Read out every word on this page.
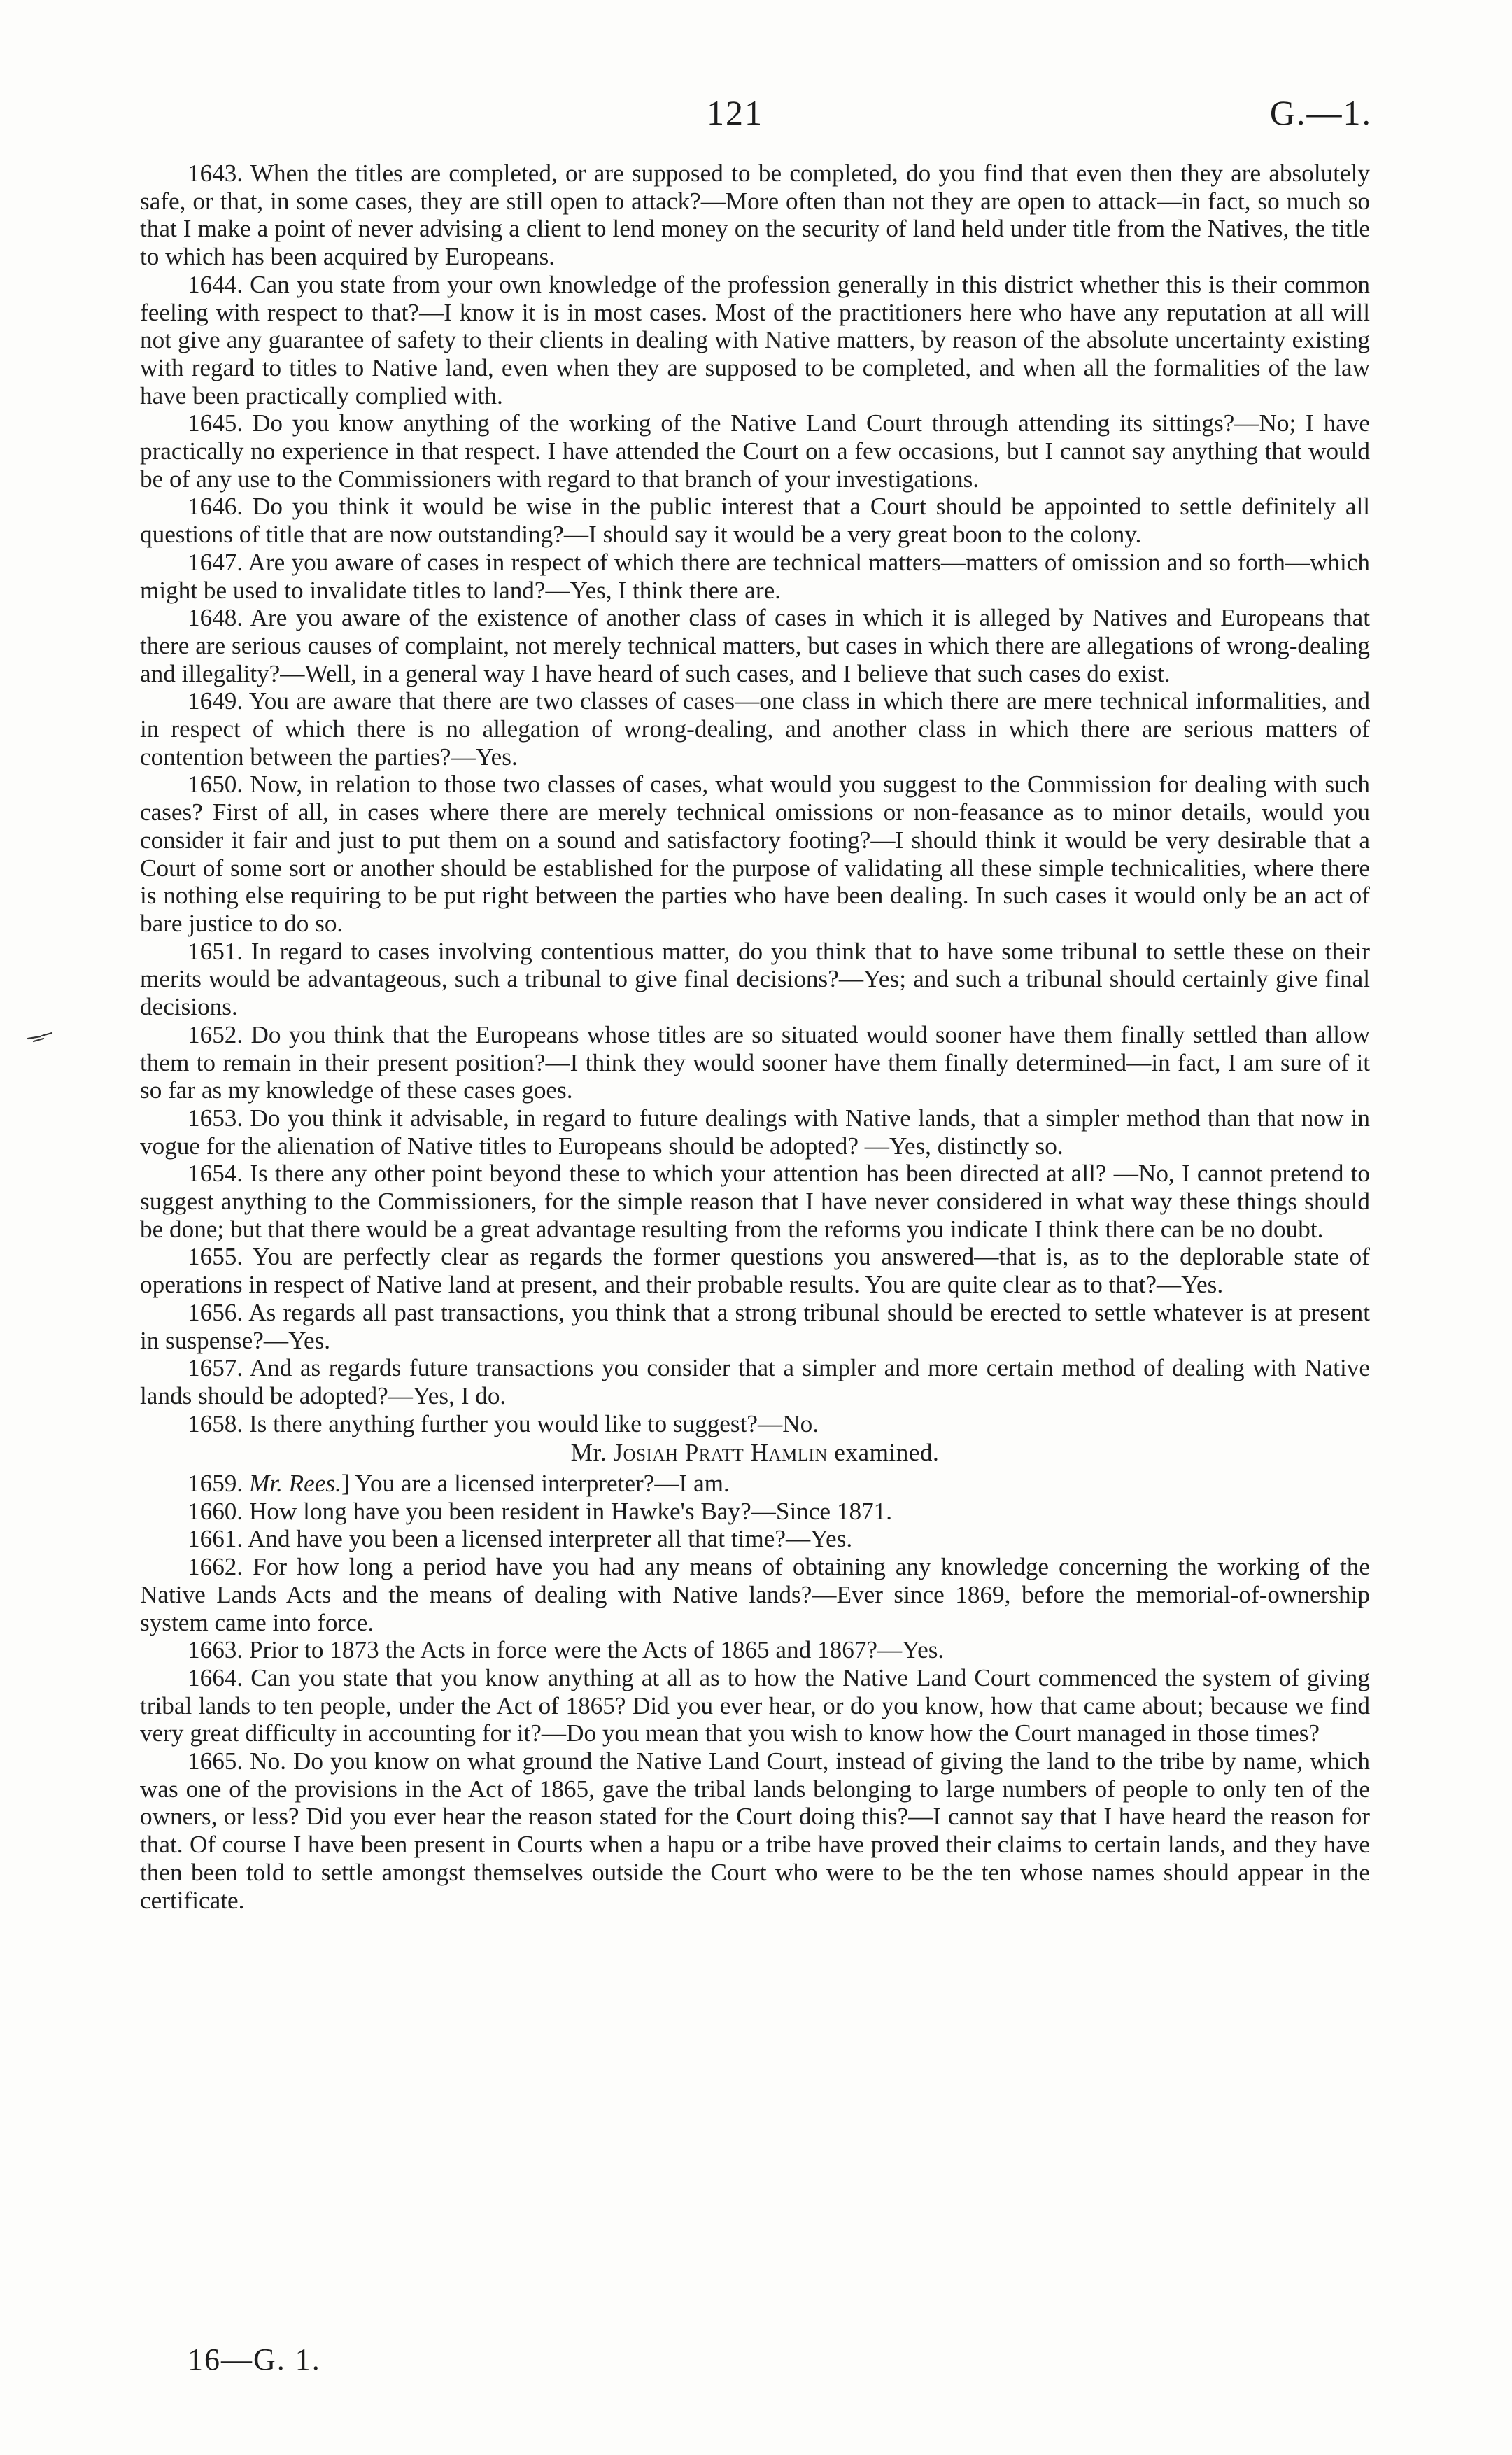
121	G.—1.

1643. When the titles are completed, or are supposed to be completed, do you find that even then they are absolutely safe, or that, in some cases, they are still open to attack?—More often than not they are open to attack—in fact, so much so that I make a point of never advising a client to lend money on the security of land held under title from the Natives, the title to which has been acquired by Europeans.

1644. Can you state from your own knowledge of the profession generally in this district whether this is their common feeling with respect to that?—I know it is in most cases. Most of the practitioners here who have any reputation at all will not give any guarantee of safety to their clients in dealing with Native matters, by reason of the absolute uncertainty existing with regard to titles to Native land, even when they are supposed to be completed, and when all the formalities of the law have been practically complied with.

1645. Do you know anything of the working of the Native Land Court through attending its sittings?—No; I have practically no experience in that respect. I have attended the Court on a few occasions, but I cannot say anything that would be of any use to the Commissioners with regard to that branch of your investigations.

1646. Do you think it would be wise in the public interest that a Court should be appointed to settle definitely all questions of title that are now outstanding?—I should say it would be a very great boon to the colony.

1647. Are you aware of cases in respect of which there are technical matters—matters of omission and so forth—which might be used to invalidate titles to land?—Yes, I think there are.

1648. Are you aware of the existence of another class of cases in which it is alleged by Natives and Europeans that there are serious causes of complaint, not merely technical matters, but cases in which there are allegations of wrong-dealing and illegality?—Well, in a general way I have heard of such cases, and I believe that such cases do exist.

1649. You are aware that there are two classes of cases—one class in which there are mere technical informalities, and in respect of which there is no allegation of wrong-dealing, and another class in which there are serious matters of contention between the parties?—Yes.

1650. Now, in relation to those two classes of cases, what would you suggest to the Commission for dealing with such cases? First of all, in cases where there are merely technical omissions or non-feasance as to minor details, would you consider it fair and just to put them on a sound and satisfactory footing?—I should think it would be very desirable that a Court of some sort or another should be established for the purpose of validating all these simple technicalities, where there is nothing else requiring to be put right between the parties who have been dealing. In such cases it would only be an act of bare justice to do so.

1651. In regard to cases involving contentious matter, do you think that to have some tribunal to settle these on their merits would be advantageous, such a tribunal to give final decisions?—Yes; and such a tribunal should certainly give final decisions.

1652. Do you think that the Europeans whose titles are so situated would sooner have them finally settled than allow them to remain in their present position?—I think they would sooner have them finally determined—in fact, I am sure of it so far as my knowledge of these cases goes.

1653. Do you think it advisable, in regard to future dealings with Native lands, that a simpler method than that now in vogue for the alienation of Native titles to Europeans should be adopted? —Yes, distinctly so.

1654. Is there any other point beyond these to which your attention has been directed at all? —No, I cannot pretend to suggest anything to the Commissioners, for the simple reason that I have never considered in what way these things should be done; but that there would be a great advantage resulting from the reforms you indicate I think there can be no doubt.

1655. You are perfectly clear as regards the former questions you answered—that is, as to the deplorable state of operations in respect of Native land at present, and their probable results. You are quite clear as to that?—Yes.

1656. As regards all past transactions, you think that a strong tribunal should be erected to settle whatever is at present in suspense?—Yes.

1657. And as regards future transactions you consider that a simpler and more certain method of dealing with Native lands should be adopted?—Yes, I do.

1658. Is there anything further you would like to suggest?—No.

Mr. Josiah Pratt Hamlin examined.

1659. Mr. Rees.] You are a licensed interpreter?—I am.

1660. How long have you been resident in Hawke's Bay?—Since 1871.

1661. And have you been a licensed interpreter all that time?—Yes.

1662. For how long a period have you had any means of obtaining any knowledge concerning the working of the Native Lands Acts and the means of dealing with Native lands?—Ever since 1869, before the memorial-of-ownership system came into force.

1663. Prior to 1873 the Acts in force were the Acts of 1865 and 1867?—Yes.

1664. Can you state that you know anything at all as to how the Native Land Court commenced the system of giving tribal lands to ten people, under the Act of 1865? Did you ever hear, or do you know, how that came about; because we find very great difficulty in accounting for it?—Do you mean that you wish to know how the Court managed in those times?

1665. No. Do you know on what ground the Native Land Court, instead of giving the land to the tribe by name, which was one of the provisions in the Act of 1865, gave the tribal lands belonging to large numbers of people to only ten of the owners, or less? Did you ever hear the reason stated for the Court doing this?—I cannot say that I have heard the reason for that. Of course I have been present in Courts when a hapu or a tribe have proved their claims to certain lands, and they have then been told to settle amongst themselves outside the Court who were to be the ten whose names should appear in the certificate.

16—G. 1.
